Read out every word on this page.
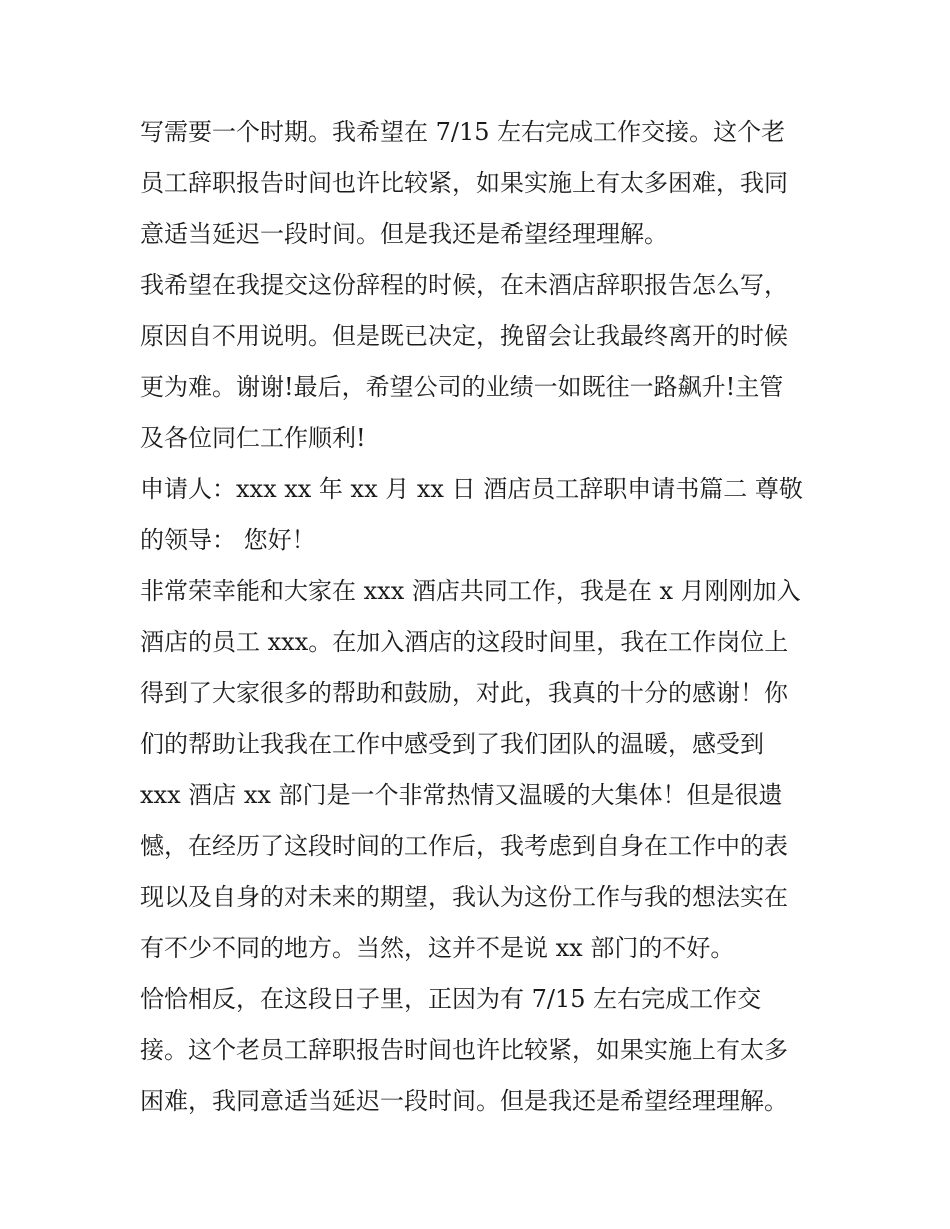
写需要一个时期。我希望在 7/15 左右完成工作交接。这个老
员工辞职报告时间也许比较紧，如果实施上有太多困难，我同
意适当延迟一段时间。但是我还是希望经理理解。
我希望在我提交这份辞程的时候，在未酒店辞职报告怎么写，
原因自不用说明。但是既已决定，挽留会让我最终离开的时候
更为难。谢谢!最后，希望公司的业绩一如既往一路飙升!主管
及各位同仁工作顺利!
申请人：xxx xx 年 xx 月 xx 日 酒店员工辞职申请书篇二 尊敬
的领导： 您好！
非常荣幸能和大家在 xxx 酒店共同工作，我是在 x 月刚刚加入
酒店的员工 xxx。在加入酒店的这段时间里，我在工作岗位上
得到了大家很多的帮助和鼓励，对此，我真的十分的感谢！你
们的帮助让我我在工作中感受到了我们团队的温暖，感受到
xxx 酒店 xx 部门是一个非常热情又温暖的大集体！但是很遗
憾，在经历了这段时间的工作后，我考虑到自身在工作中的表
现以及自身的对未来的期望，我认为这份工作与我的想法实在
有不少不同的地方。当然，这并不是说 xx 部门的不好。
恰恰相反，在这段日子里，正因为有 7/15 左右完成工作交
接。这个老员工辞职报告时间也许比较紧，如果实施上有太多
困难，我同意适当延迟一段时间。但是我还是希望经理理解。
